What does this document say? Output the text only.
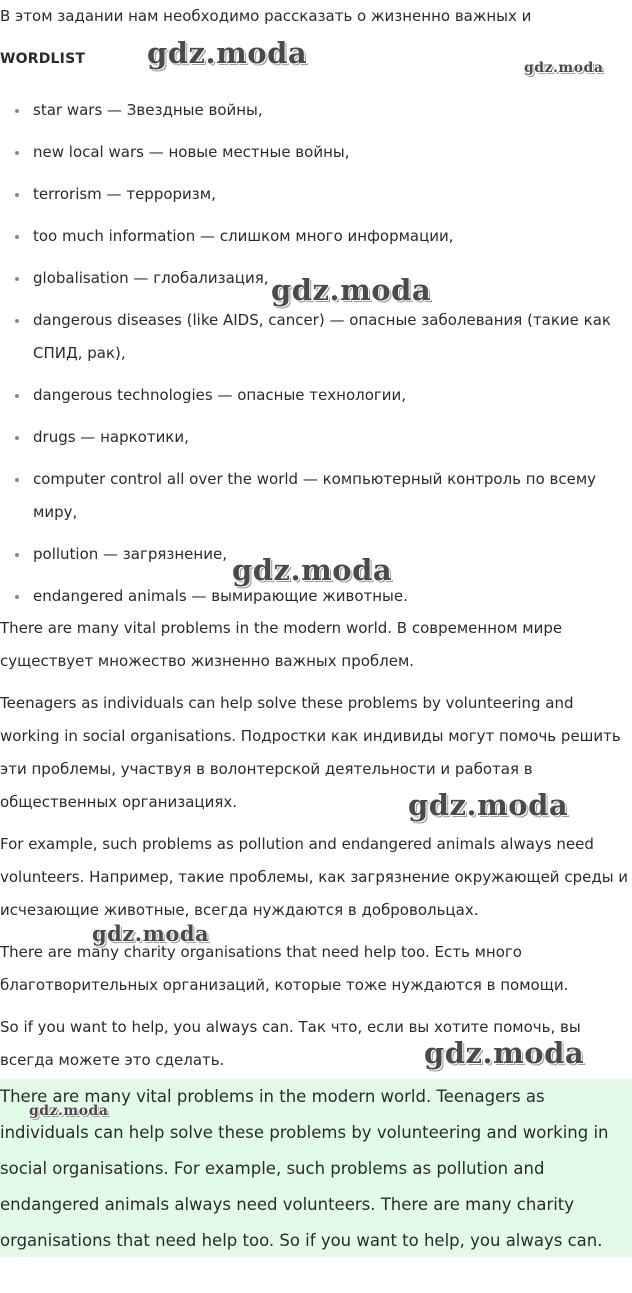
В этом задании нам необходимо рассказать о жизненно важных и
WORDLIST
star wars — Звездные войны,
new local wars — новые местные войны,
terrorism — терроризм,
too much information — слишком много информации,
globalisation — глобализация,
dangerous diseases (like AIDS, cancer) — опасные заболевания (такие как СПИД, рак),
dangerous technologies — опасные технологии,
drugs — наркотики,
computer control all over the world — компьютерный контроль по всему миру,
pollution — загрязнение,
endangered animals — вымирающие животные.

There are many vital problems in the modern world. В современном мире существует множество жизненно важных проблем.

Teenagers as individuals can help solve these problems by volunteering and working in social organisations. Подростки как индивиды могут помочь решить эти проблемы, участвуя в волонтерской деятельности и работая в общественных организациях.

For example, such problems as pollution and endangered animals always need volunteers. Например, такие проблемы, как загрязнение окружающей среды и исчезающие животные, всегда нуждаются в добровольцах.

There are many charity organisations that need help too. Есть много благотворительных организаций, которые тоже нуждаются в помощи.

So if you want to help, you always can. Так что, если вы хотите помочь, вы всегда можете это сделать.

There are many vital problems in the modern world. Teenagers as individuals can help solve these problems by volunteering and working in social organisations. For example, such problems as pollution and endangered animals always need volunteers. There are many charity organisations that need help too. So if you want to help, you always can.

gdz.moda	gdz.moda
gdz.moda
gdz.moda
gdz.moda
gdz.moda
gdz.moda
gdz.moda
